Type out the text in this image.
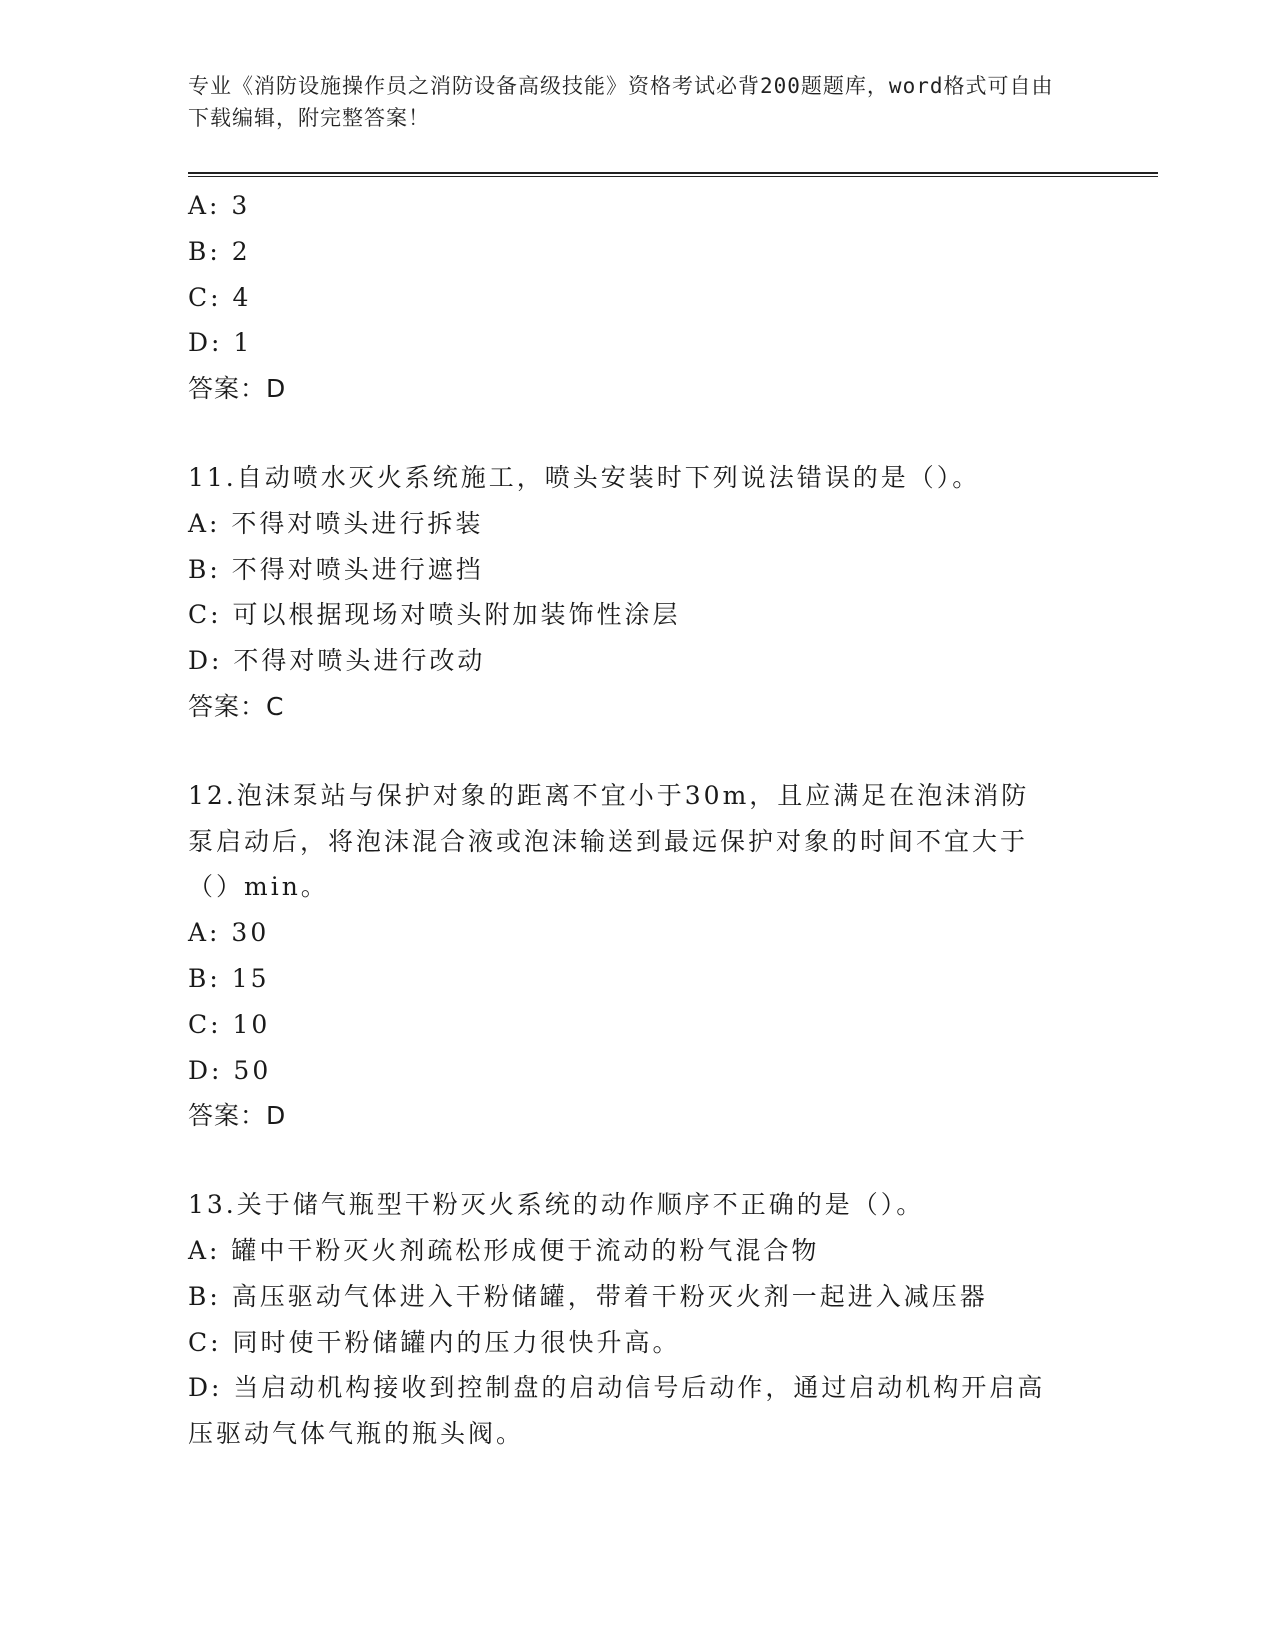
专业《消防设施操作员之消防设备高级技能》资格考试必背200题题库，word格式可自由下载编辑，附完整答案！
A: 3
B: 2
C: 4
D: 1
答案：D
11.自动喷水灭火系统施工，喷头安装时下列说法错误的是（）。
A: 不得对喷头进行拆装
B: 不得对喷头进行遮挡
C: 可以根据现场对喷头附加装饰性涂层
D: 不得对喷头进行改动
答案：C
12.泡沫泵站与保护对象的距离不宜小于30m，且应满足在泡沫消防泵启动后，将泡沫混合液或泡沫输送到最远保护对象的时间不宜大于（）min。
A: 30
B: 15
C: 10
D: 50
答案：D
13.关于储气瓶型干粉灭火系统的动作顺序不正确的是（）。
A: 罐中干粉灭火剂疏松形成便于流动的粉气混合物
B: 高压驱动气体进入干粉储罐，带着干粉灭火剂一起进入减压器
C: 同时使干粉储罐内的压力很快升高。
D: 当启动机构接收到控制盘的启动信号后动作，通过启动机构开启高压驱动气体气瓶的瓶头阀。
